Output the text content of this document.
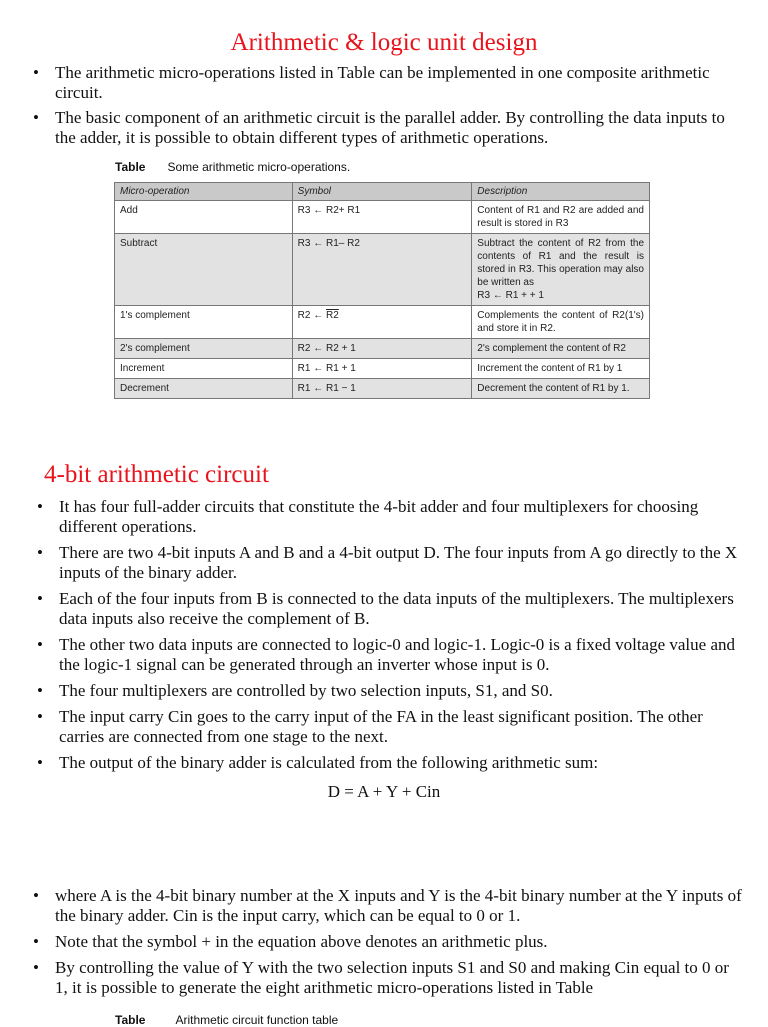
Arithmetic & logic unit design
• The arithmetic micro-operations listed in Table can be implemented in one composite arithmetic circuit.
• The basic component of an arithmetic circuit is the parallel adder. By controlling the data inputs to the adder, it is possible to obtain different types of arithmetic operations.
Table Some arithmetic micro-operations.
Micro-operation	Symbol	Description
Add	R3 ← R2+ R1	Content of R1 and R2 are added and result is stored in R3
Subtract	R3 ← R1– R2	Subtract the content of R2 from the contents of R1 and the result is stored in R3. This operation may also be written as
R3 ← R1 + + 1
1's complement	R2 ← R2	Complements the content of R2(1's) and store it in R2.
2's complement	R2 ← R2 + 1	2's complement the content of R2
Increment	R1 ← R1 + 1	Increment the content of R1 by 1
Decrement	R1 ← R1 − 1	Decrement the content of R1 by 1.
4-bit arithmetic circuit
• It has four full-adder circuits that constitute the 4-bit adder and four multiplexers for choosing different operations.
• There are two 4-bit inputs A and B and a 4-bit output D. The four inputs from A go directly to the X inputs of the binary adder.
• Each of the four inputs from B is connected to the data inputs of the multiplexers. The multiplexers data inputs also receive the complement of B.
• The other two data inputs are connected to logic-0 and logic-1. Logic-0 is a fixed voltage value and the logic-1 signal can be generated through an inverter whose input is 0.
• The four multiplexers are controlled by two selection inputs, S1, and S0.
• The input carry Cin goes to the carry input of the FA in the least significant position. The other carries are connected from one stage to the next.
• The output of the binary adder is calculated from the following arithmetic sum:
D = A + Y + Cin
• where A is the 4-bit binary number at the X inputs and Y is the 4-bit binary number at the Y inputs of the binary adder. Cin is the input carry, which can be equal to 0 or 1.
• Note that the symbol + in the equation above denotes an arithmetic plus.
• By controlling the value of Y with the two selection inputs S1 and S0 and making Cin equal to 0 or 1, it is possible to generate the eight arithmetic micro-operations listed in Table
Table	Arithmetic circuit function table
